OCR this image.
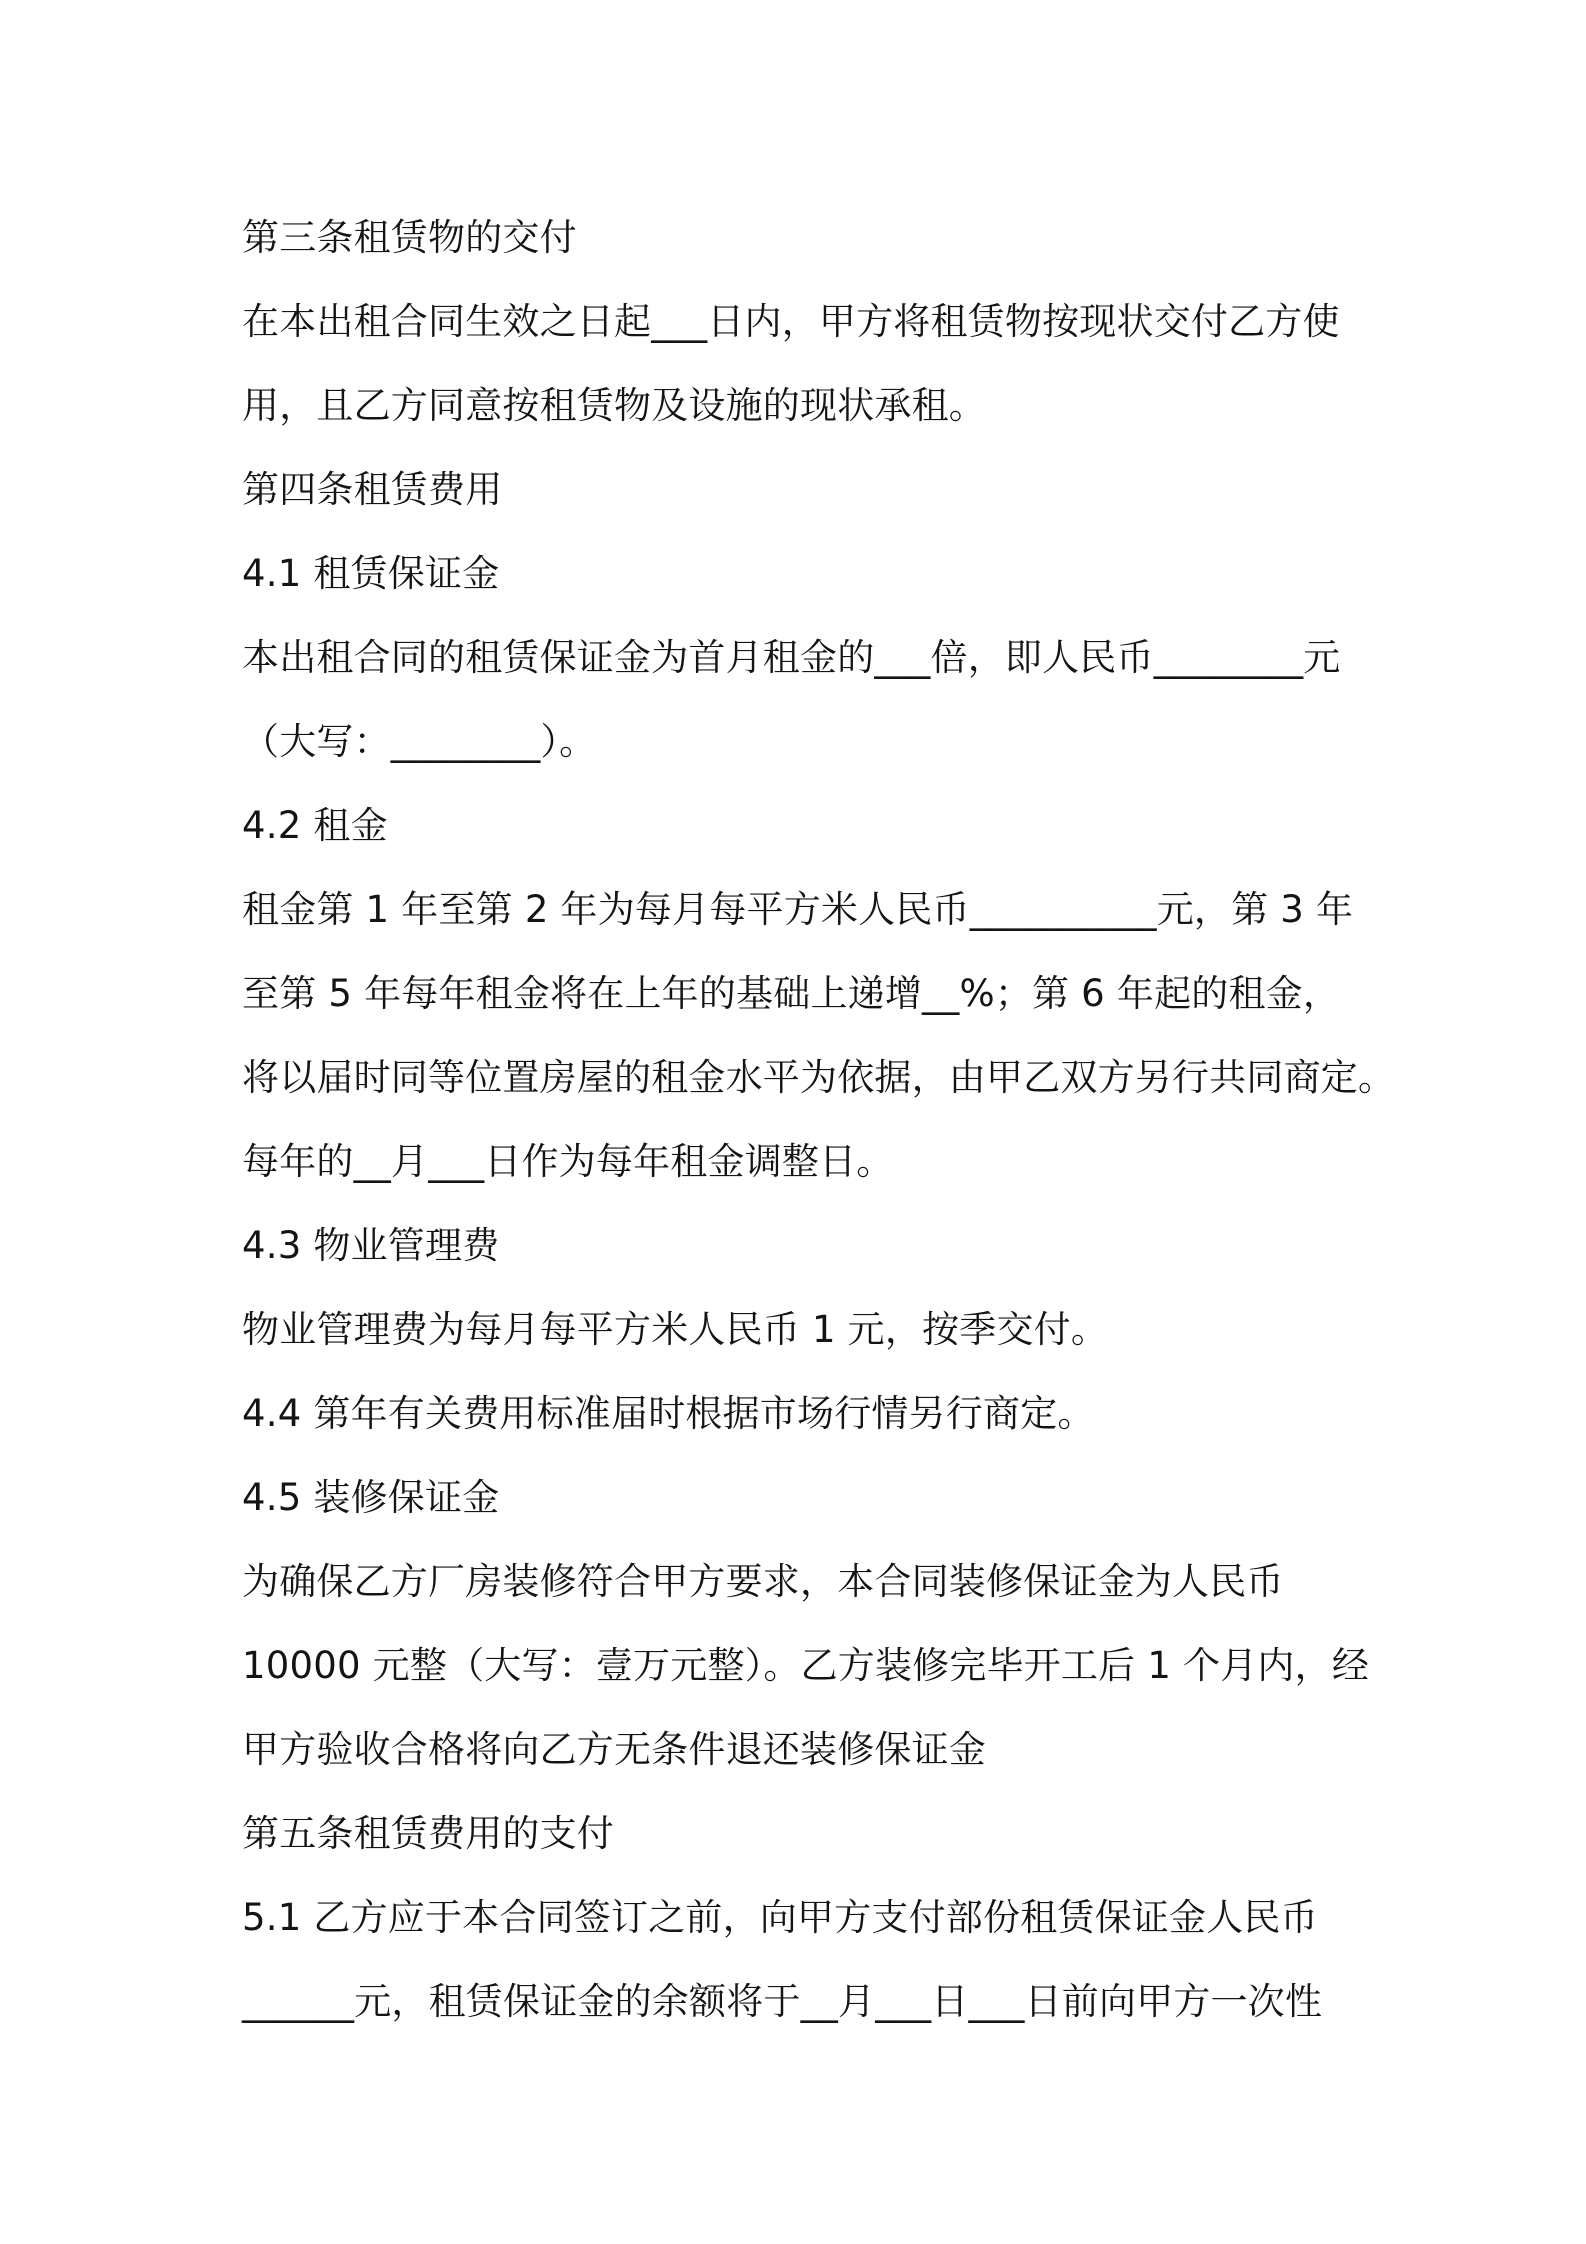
第三条租赁物的交付
在本出租合同生效之日起___日内，甲方将租赁物按现状交付乙方使
用，且乙方同意按租赁物及设施的现状承租。
第四条租赁费用
4.1 租赁保证金
本出租合同的租赁保证金为首月租金的___倍，即人民币________元
（大写：________）。
4.2 租金
租金第 1 年至第 2 年为每月每平方米人民币__________元，第 3 年
至第 5 年每年租金将在上年的基础上递增__%；第 6 年起的租金，
将以届时同等位置房屋的租金水平为依据，由甲乙双方另行共同商定。
每年的__月___日作为每年租金调整日。
4.3 物业管理费
物业管理费为每月每平方米人民币 1 元，按季交付。
4.4 第年有关费用标准届时根据市场行情另行商定。
4.5 装修保证金
为确保乙方厂房装修符合甲方要求，本合同装修保证金为人民币
10000 元整（大写：壹万元整）。乙方装修完毕开工后 1 个月内，经
甲方验收合格将向乙方无条件退还装修保证金
第五条租赁费用的支付
5.1 乙方应于本合同签订之前，向甲方支付部份租赁保证金人民币
______元，租赁保证金的余额将于__月___日___日前向甲方一次性
